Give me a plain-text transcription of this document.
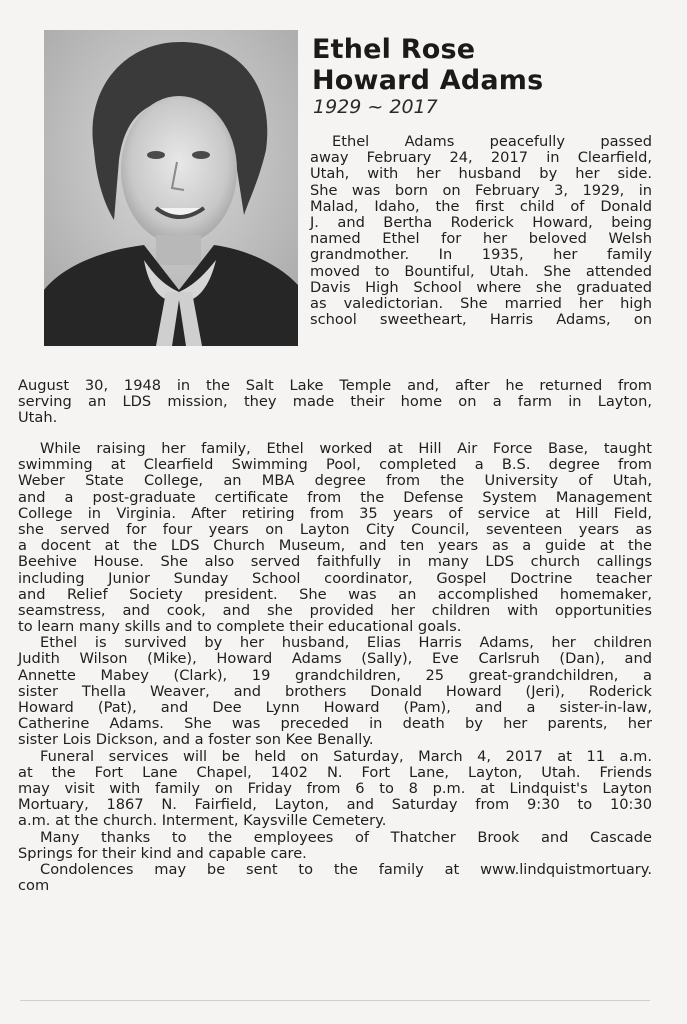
Ethel Rose
Howard Adams

1929 ~ 2017

Ethel Adams peacefully passed
away February 24, 2017 in Clearfield,
Utah, with her husband by her side.
She was born on February 3, 1929, in
Malad, Idaho, the first child of Donald
J. and Bertha Roderick Howard, being
named Ethel for her beloved Welsh
grandmother. In 1935, her family
moved to Bountiful, Utah. She attended
Davis High School where she graduated
as valedictorian. She married her high
school sweetheart, Harris Adams, on

August 30, 1948 in the Salt Lake Temple and, after he returned from
serving an LDS mission, they made their home on a farm in Layton,
Utah.

While raising her family, Ethel worked at Hill Air Force Base, taught
swimming at Clearfield Swimming Pool, completed a B.S. degree from
Weber State College, an MBA degree from the University of Utah,
and a post-graduate certificate from the Defense System Management
College in Virginia. After retiring from 35 years of service at Hill Field,
she served for four years on Layton City Council, seventeen years as
a docent at the LDS Church Museum, and ten years as a guide at the
Beehive House. She also served faithfully in many LDS church callings
including Junior Sunday School coordinator, Gospel Doctrine teacher
and Relief Society president. She was an accomplished homemaker,
seamstress, and cook, and she provided her children with opportunities
to learn many skills and to complete their educational goals.

Ethel is survived by her husband, Elias Harris Adams, her children
Judith Wilson (Mike), Howard Adams (Sally), Eve Carlsruh (Dan), and
Annette Mabey (Clark), 19 grandchildren, 25 great-grandchildren, a
sister Thella Weaver, and brothers Donald Howard (Jeri), Roderick
Howard (Pat), and Dee Lynn Howard (Pam), and a sister-in-law,
Catherine Adams. She was preceded in death by her parents, her
sister Lois Dickson, and a foster son Kee Benally.

Funeral services will be held on Saturday, March 4, 2017 at 11 a.m.
at the Fort Lane Chapel, 1402 N. Fort Lane, Layton, Utah. Friends
may visit with family on Friday from 6 to 8 p.m. at Lindquist's Layton
Mortuary, 1867 N. Fairfield, Layton, and Saturday from 9:30 to 10:30
a.m. at the church. Interment, Kaysville Cemetery.

Many thanks to the employees of Thatcher Brook and Cascade
Springs for their kind and capable care.

Condolences may be sent to the family at www.lindquistmortuary.
com
